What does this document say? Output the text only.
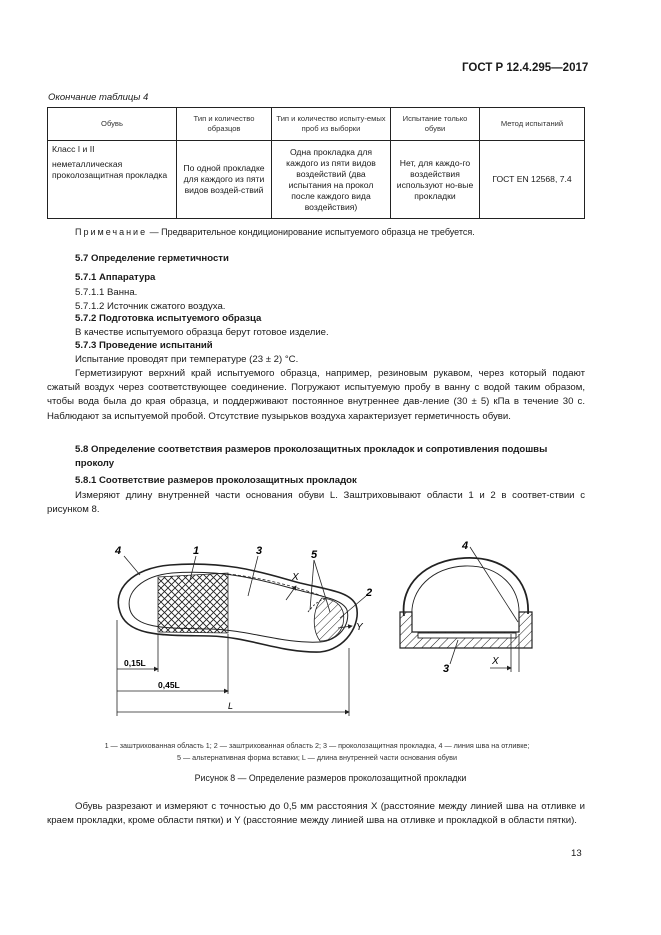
ГОСТ Р 12.4.295—2017
Окончание таблицы 4
Обувь	Тип и количество образцов	Тип и количество испыту-емых проб из выборки	Испытание только обуви	Метод испытаний

Класс I и II
неметаллическая проколозащитная прокладка	По одной прокладке для каждого из пяти видов воздей-ствий	Одна прокладка для каждого из пяти видов воздействий (два испытания на прокол после каждого вида воздействия)	Нет, для каждо-го воздействия используют но-вые прокладки	ГОСТ EN 12568, 7.4
Примечание — Предварительное кондиционирование испытуемого образца не требуется.
5.7 Определение герметичности
5.7.1 Аппаратура
5.7.1.1 Ванна.
5.7.1.2 Источник сжатого воздуха.
5.7.2 Подготовка испытуемого образца
В качестве испытуемого образца берут готовое изделие.
5.7.3 Проведение испытаний
Испытание проводят при температуре (23 ± 2) °С.
Герметизируют верхний край испытуемого образца, например, резиновым рукавом, через который подают сжатый воздух через соответствующее соединение. Погружают испытуемую пробу в ванну с водой таким образом, чтобы вода была до края образца, и поддерживают постоянное внутреннее дав-ление (30 ± 5) кПа в течение 30 с. Наблюдают за испытуемой пробой. Отсутствие пузырьков воздуха характеризует герметичность обуви.
5.8 Определение соответствия размеров проколозащитных прокладок и сопротивления подошвы проколу
5.8.1 Соответствие размеров проколозащитных прокладок
Измеряют длину внутренней части основания обуви L. Заштриховывают области 1 и 2 в соответ-ствии с рисунком 8.
4	1	3	5
X
2
Y
0,15L
0,45L
L
4
3
X
1 — заштрихованная область 1; 2 — заштрихованная область 2; 3 — проколозащитная прокладка, 4 — линия шва на отливке;
5 — альтернативная форма вставки; L — длина внутренней части основания обуви
Рисунок 8 — Определение размеров проколозащитной прокладки
Обувь разрезают и измеряют с точностью до 0,5 мм расстояния X (расстояние между линией шва на отливке и краем прокладки, кроме области пятки) и Y (расстояние между линией шва на отливке и прокладкой в области пятки).
13
